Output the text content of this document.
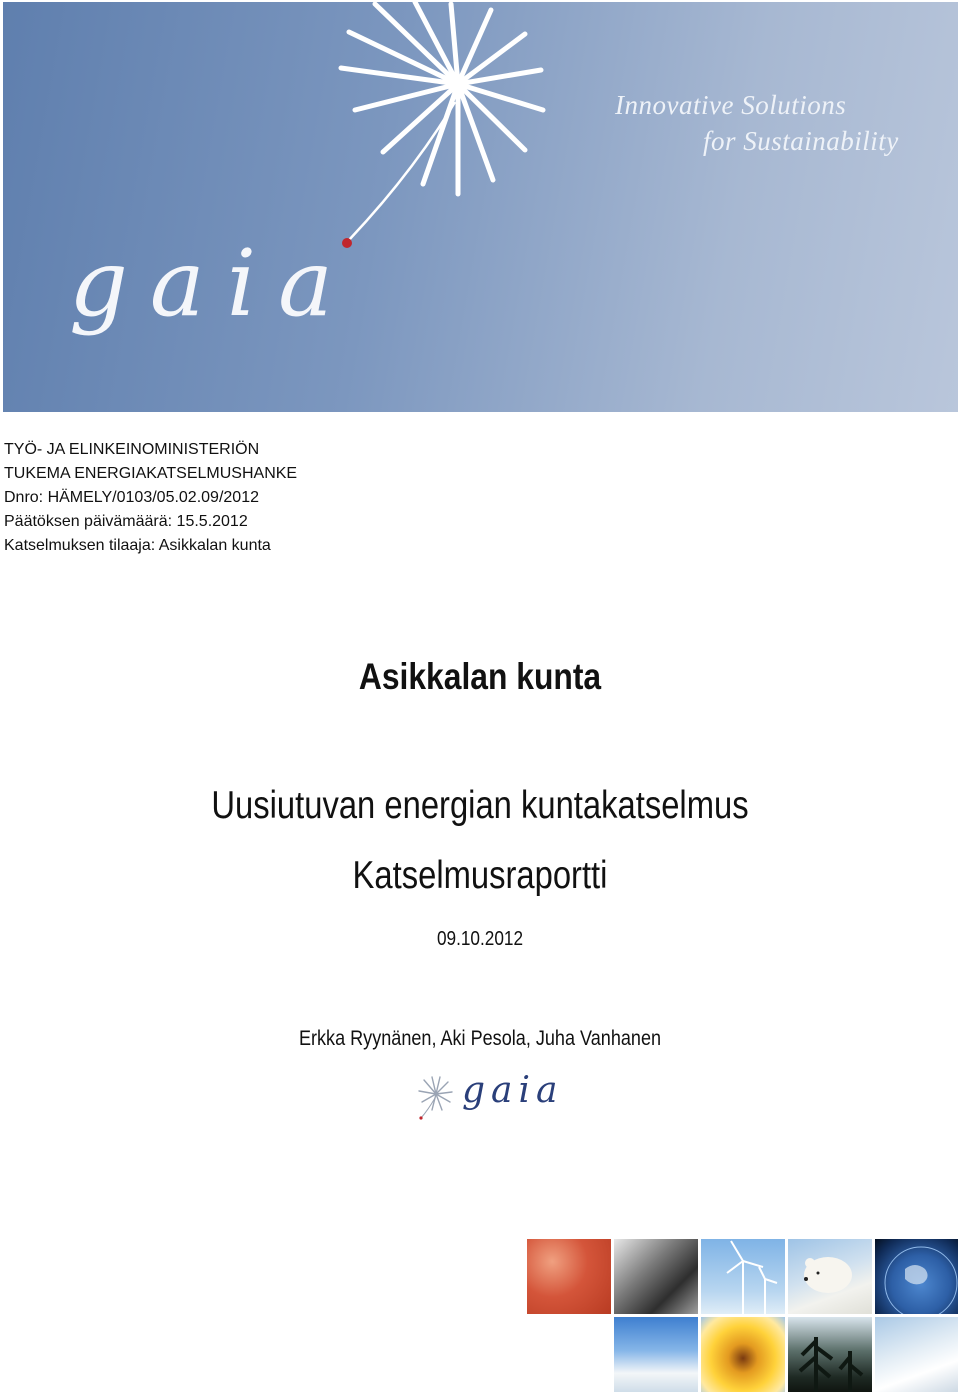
Innovative Solutions
for Sustainability
gaia
TYÖ- JA ELINKEINOMINISTERIÖN
TUKEMA ENERGIAKATSELMUSHANKE
Dnro: HÄMELY/0103/05.02.09/2012
Päätöksen päivämäärä: 15.5.2012
Katselmuksen tilaaja: Asikkalan kunta
Asikkalan kunta
Uusiutuvan energian kuntakatselmus
Katselmusraportti
09.10.2012
Erkka Ryynänen, Aki Pesola, Juha Vanhanen
gaia
